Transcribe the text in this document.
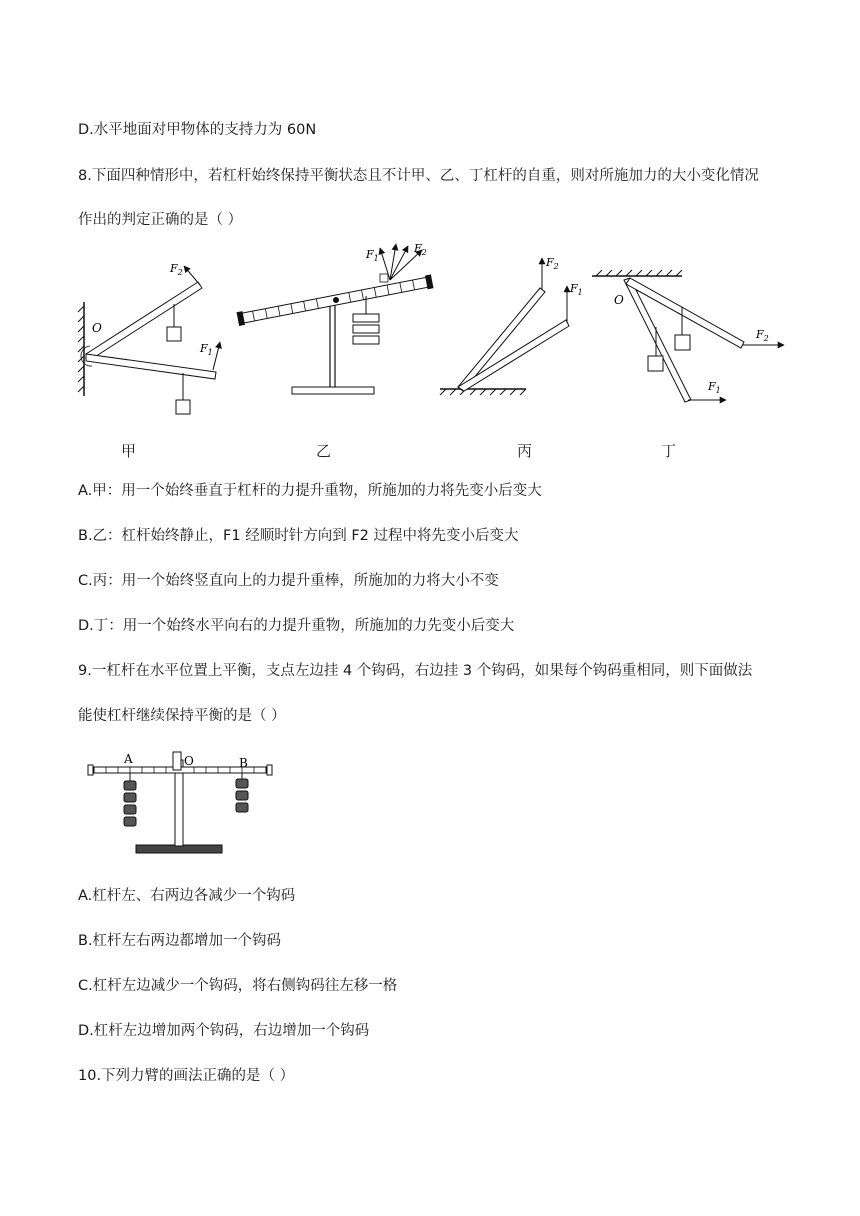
D.水平地面对甲物体的支持力为 60N
8.下面四种情形中，若杠杆始终保持平衡状态且不计甲、乙、丁杠杆的自重，则对所施加力的大小变化情况
作出的判定正确的是（ ）
O
$F_2$
$F_1$
$F_1$
$F_2$
$F_2$
$F_1$
O
$F_2$
$F_1$
甲	乙	丙	丁
A.甲：用一个始终垂直于杠杆的力提升重物，所施加的力将先变小后变大
B.乙：杠杆始终静止，F1 经顺时针方向到 F2 过程中将先变小后变大
C.丙：用一个始终竖直向上的力提升重棒，所施加的力将大小不变
D.丁：用一个始终水平向右的力提升重物，所施加的力先变小后变大
9.一杠杆在水平位置上平衡，支点左边挂 4 个钩码，右边挂 3 个钩码，如果每个钩码重相同，则下面做法
能使杠杆继续保持平衡的是（ ）
A	O	B
A.杠杆左、右两边各减少一个钩码
B.杠杆左右两边都增加一个钩码
C.杠杆左边减少一个钩码，将右侧钩码往左移一格
D.杠杆左边增加两个钩码，右边增加一个钩码
10.下列力臂的画法正确的是（ ）
